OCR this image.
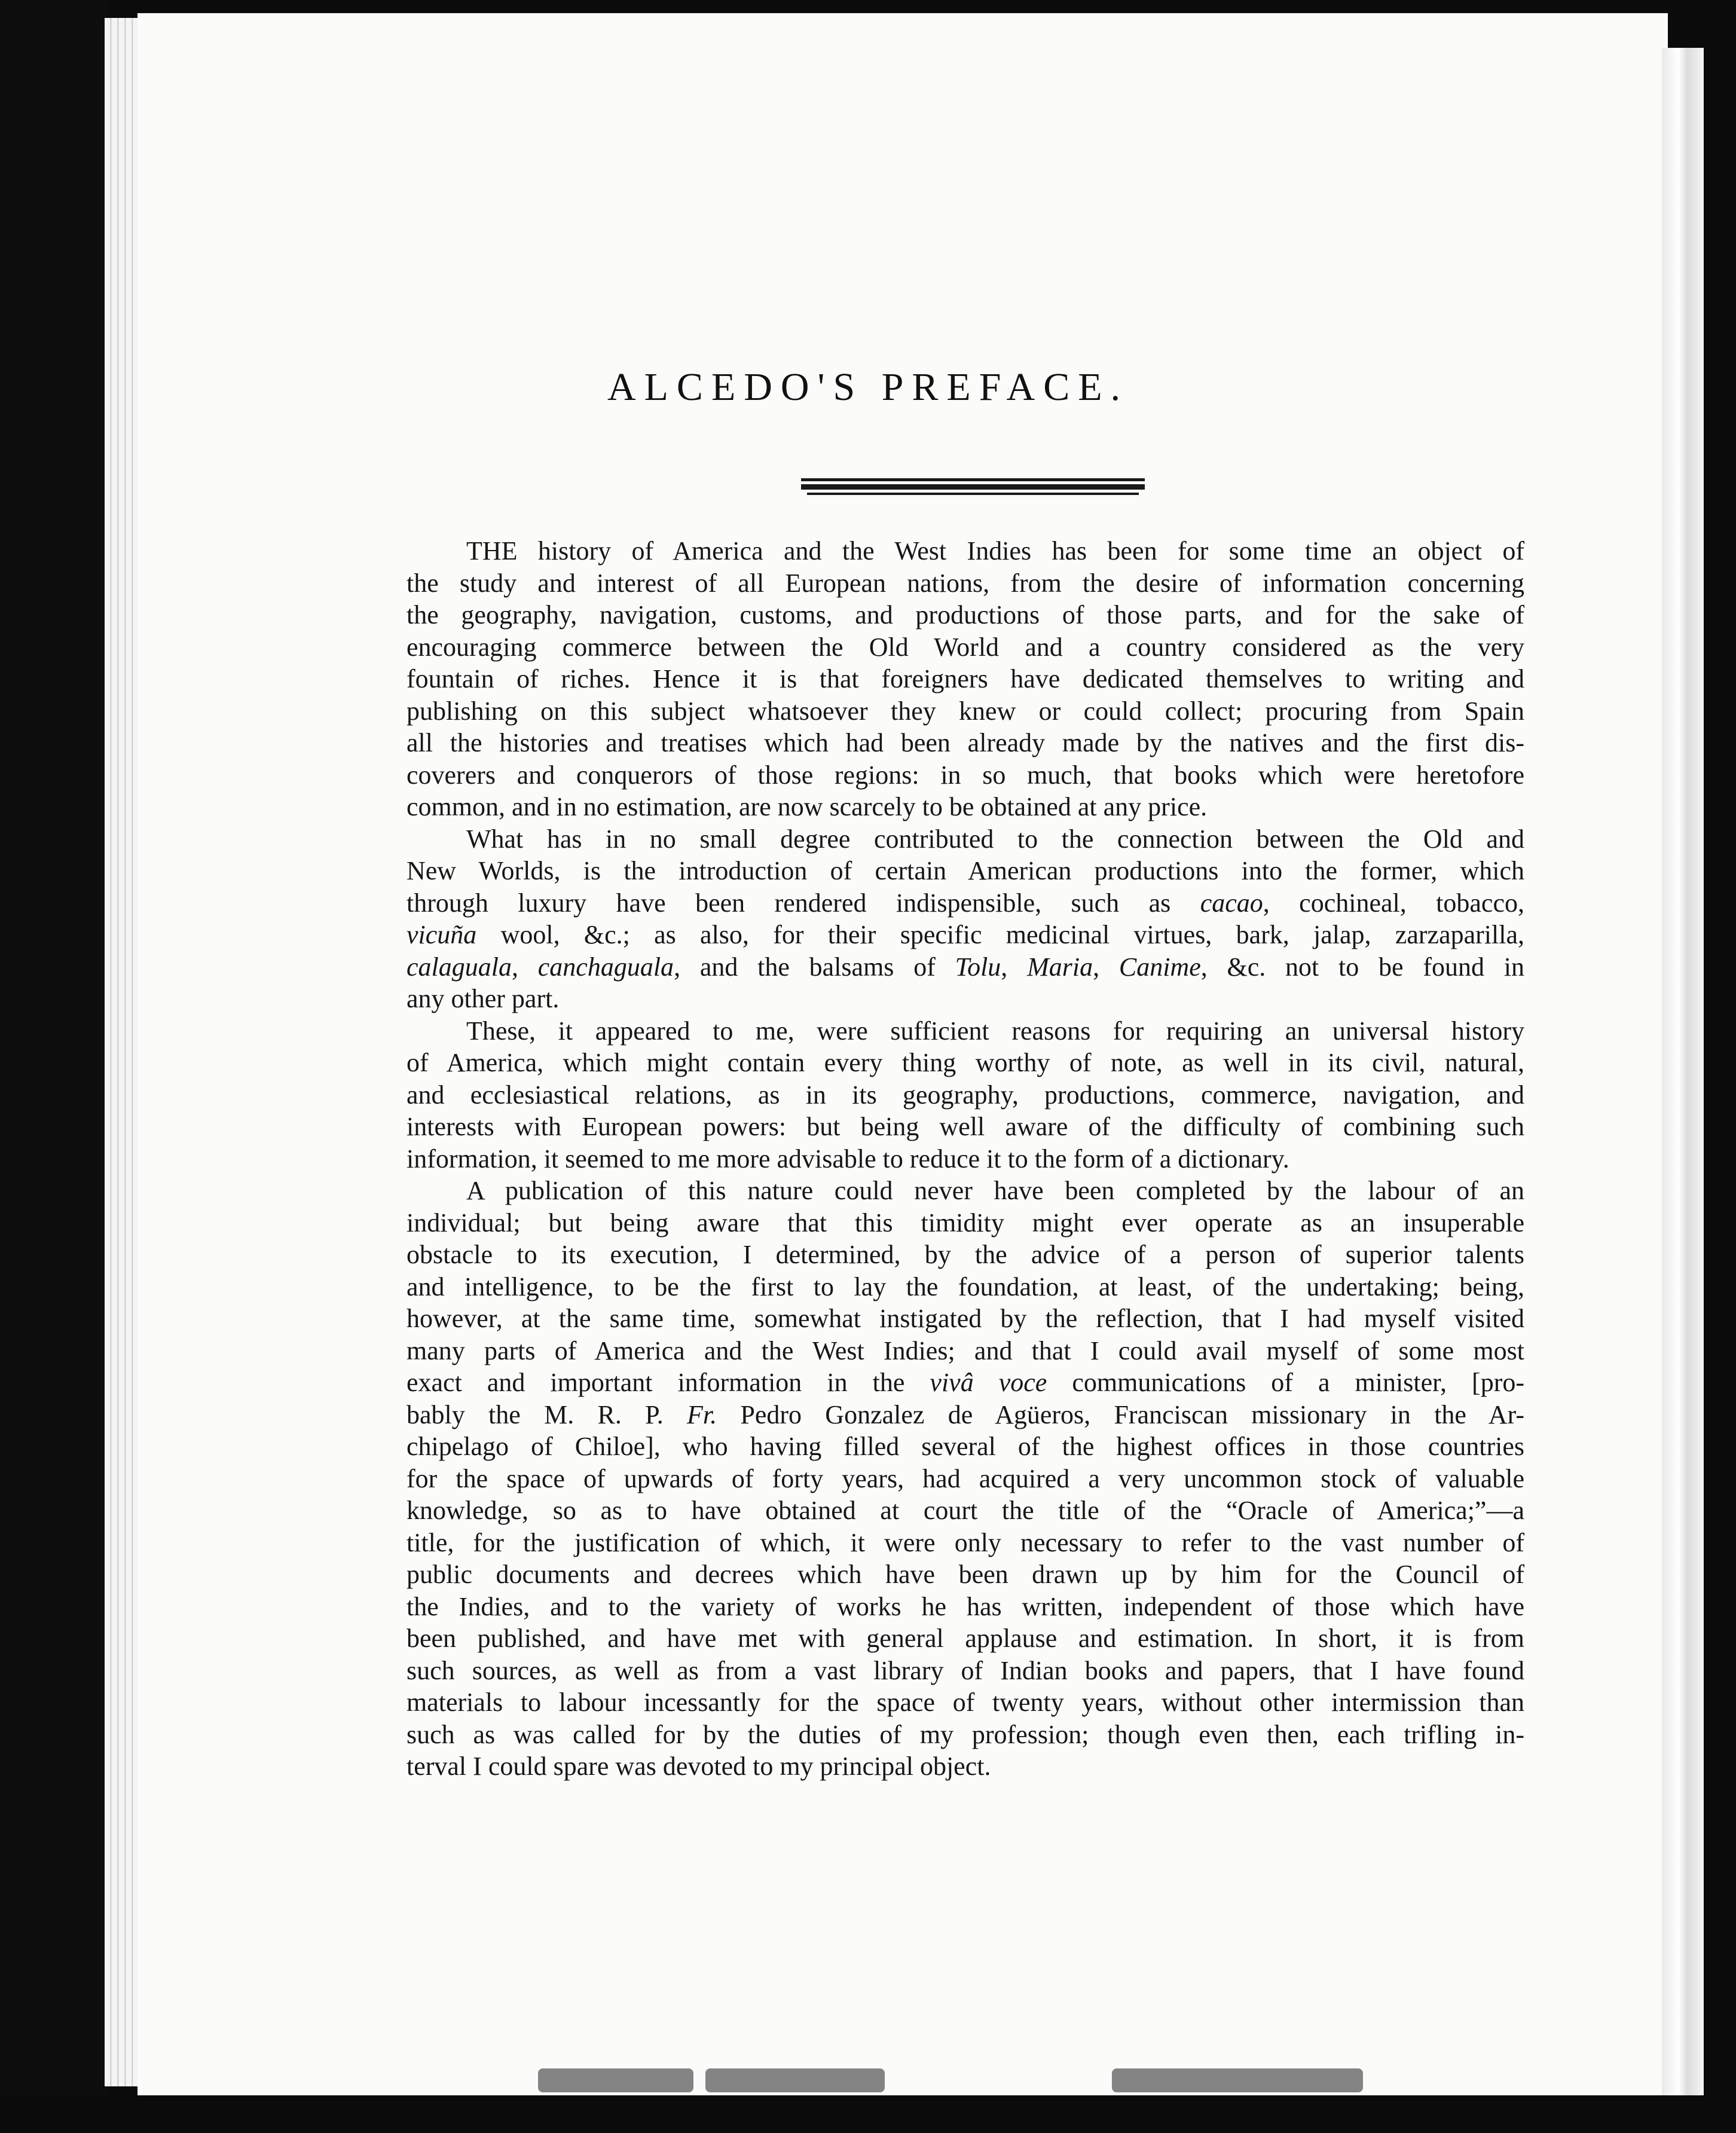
ALCEDO'S PREFACE.
THE history of America and the West Indies has been for some time an object of
the study and interest of all European nations, from the desire of information concerning
the geography, navigation, customs, and productions of those parts, and for the sake of
encouraging commerce between the Old World and a country considered as the very
fountain of riches. Hence it is that foreigners have dedicated themselves to writing and
publishing on this subject whatsoever they knew or could collect; procuring from Spain
all the histories and treatises which had been already made by the natives and the first dis-
coverers and conquerors of those regions: in so much, that books which were heretofore
common, and in no estimation, are now scarcely to be obtained at any price.
What has in no small degree contributed to the connection between the Old and
New Worlds, is the introduction of certain American productions into the former, which
through luxury have been rendered indispensible, such as cacao, cochineal, tobacco,
vicuña wool, &c.; as also, for their specific medicinal virtues, bark, jalap, zarzaparilla,
calaguala, canchaguala, and the balsams of Tolu, Maria, Canime, &c. not to be found in
any other part.
These, it appeared to me, were sufficient reasons for requiring an universal history
of America, which might contain every thing worthy of note, as well in its civil, natural,
and ecclesiastical relations, as in its geography, productions, commerce, navigation, and
interests with European powers: but being well aware of the difficulty of combining such
information, it seemed to me more advisable to reduce it to the form of a dictionary.
A publication of this nature could never have been completed by the labour of an
individual; but being aware that this timidity might ever operate as an insuperable
obstacle to its execution, I determined, by the advice of a person of superior talents
and intelligence, to be the first to lay the foundation, at least, of the undertaking; being,
however, at the same time, somewhat instigated by the reflection, that I had myself visited
many parts of America and the West Indies; and that I could avail myself of some most
exact and important information in the vivâ voce communications of a minister, [pro-
bably the M. R. P. Fr. Pedro Gonzalez de Agüeros, Franciscan missionary in the Ar-
chipelago of Chiloe], who having filled several of the highest offices in those countries
for the space of upwards of forty years, had acquired a very uncommon stock of valuable
knowledge, so as to have obtained at court the title of the “Oracle of America;”—a
title, for the justification of which, it were only necessary to refer to the vast number of
public documents and decrees which have been drawn up by him for the Council of
the Indies, and to the variety of works he has written, independent of those which have
been published, and have met with general applause and estimation. In short, it is from
such sources, as well as from a vast library of Indian books and papers, that I have found
materials to labour incessantly for the space of twenty years, without other intermission than
such as was called for by the duties of my profession; though even then, each trifling in-
terval I could spare was devoted to my principal object.
